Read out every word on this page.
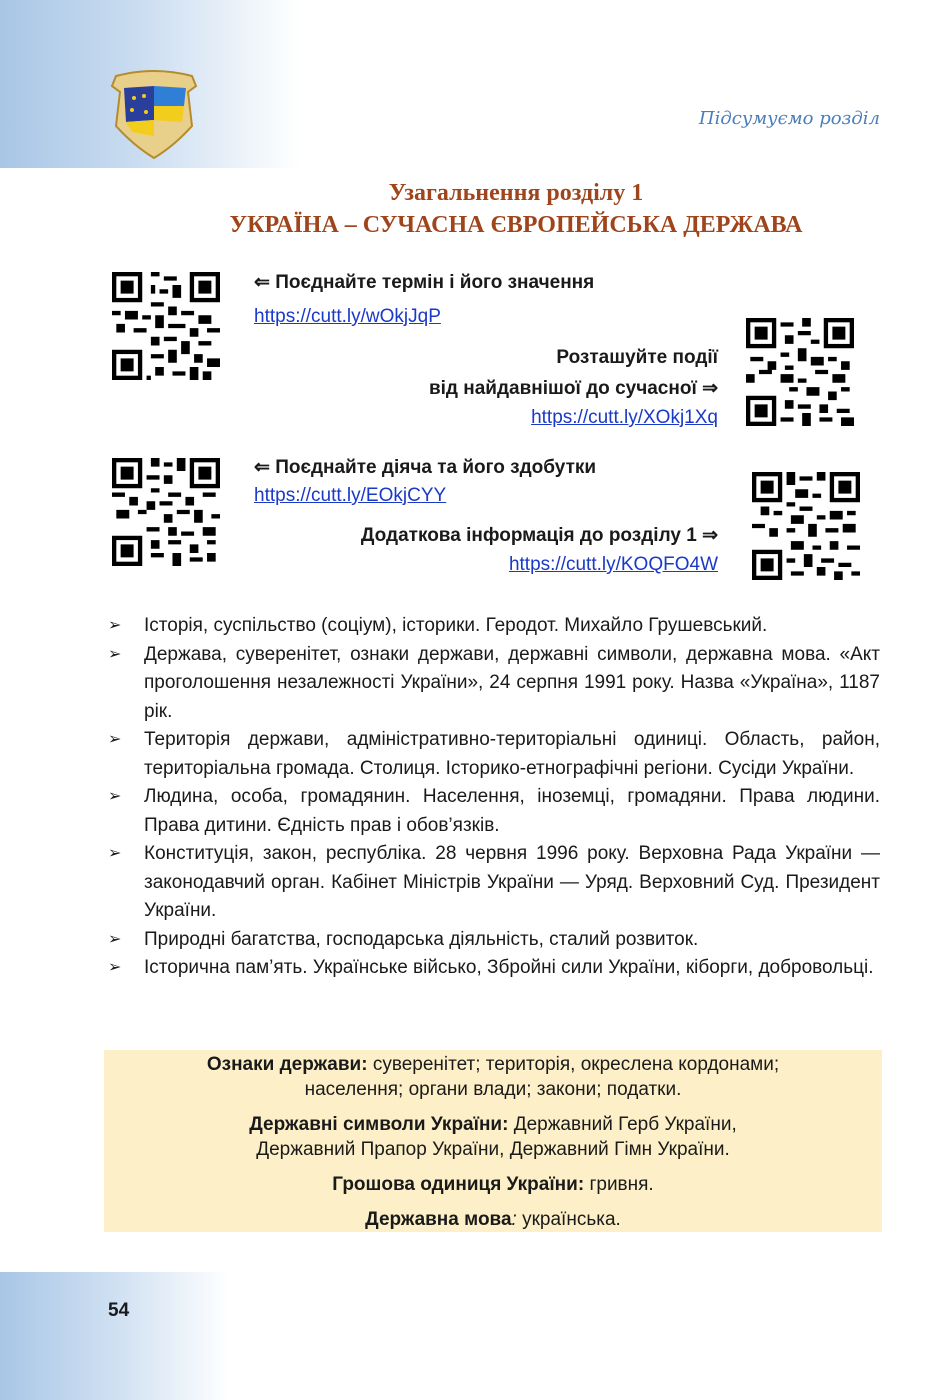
Підсумуємо розділ
Узагальнення розділу 1
УКРАЇНА – СУЧАСНА ЄВРОПЕЙСЬКА ДЕРЖАВА
⇐ Поєднайте термін і його значення
https://cutt.ly/wOkjJqP
Розташуйте події
від найдавнішої до сучасної ⇒
https://cutt.ly/XOkj1Xq
⇐ Поєднайте діяча та його здобутки
https://cutt.ly/EOkjCYY
Додаткова інформація до розділу 1 ⇒
https://cutt.ly/KOQFO4W
➢ Історія, суспільство (соціум), історики. Геродот. Михайло Грушевський.
➢ Держава, суверенітет, ознаки держави, державні символи, державна мова. «Акт проголошення незалежності України», 24 серпня 1991 року. Назва «Україна», 1187 рік.
➢ Територія держави, адміністративно-територіальні одиниці. Область, район, територіальна громада. Столиця. Історико-етнографічні регіони. Сусіди України.
➢ Людина, особа, громадянин. Населення, іноземці, громадяни. Права людини. Права дитини. Єдність прав і обов’язків.
➢ Конституція, закон, республіка. 28 червня 1996 року. Верховна Рада України — законодавчий орган. Кабінет Міністрів України — Уряд. Верховний Суд. Президент України.
➢ Природні багатства, господарська діяльність, сталий розвиток.
➢ Історична пам’ять. Українське військо, Збройні сили України, кіборги, добровольці.

Ознаки держави: суверенітет; територія, окреслена кордонами;
населення; органи влади; закони; податки.

Державні символи України: Державний Герб України,
Державний Прапор України, Державний Гімн України.

Грошова одиниця України: гривня.

Державна мова: українська.

54
